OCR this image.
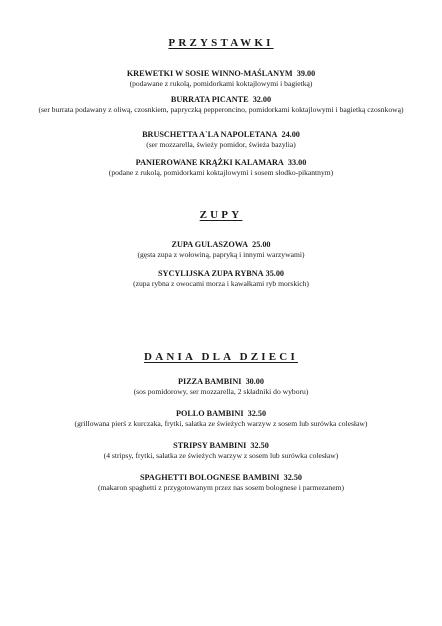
PRZYSTAWKI
KREWETKI W SOSIE WINNO-MAŚLANYM 39.00
(podawane z rukolą, pomidorkami koktajlowymi i bagietką)
BURRATA PICANTE 32.00
(ser burrata podawany z oliwą, czosnkiem, papryczką pepperoncino, pomidorkami koktajlowymi i bagietką czosnkową)
BRUSCHETTA A`LA NAPOLETANA 24.00
(ser mozzarella, świeży pomidor, świeża bazylia)
PANIEROWANE KRĄŻKI KALAMARA 33.00
(podane z rukolą, pomidorkami koktajlowymi i sosem słodko-pikantnym)
ZUPY
ZUPA GULASZOWA 25.00
(gęsta zupa z wołowiną, papryką i innymi warzywami)
SYCYLIJSKA ZUPA RYBNA 35.00
(zupa rybna z owocami morza i kawałkami ryb morskich)
DANIA DLA DZIECI
PIZZA BAMBINI 30.00
(sos pomidorowy, ser mozzarella, 2 składniki do wyboru)
POLLO BAMBINI 32.50
(grillowana pierś z kurczaka, frytki, sałatka ze świeżych warzyw z sosem lub surówka colesław)
STRIPSY BAMBINI 32.50
(4 stripsy, frytki, sałatka ze świeżych warzyw z sosem lub surówka colesław)
SPAGHETTI BOLOGNESE BAMBINI 32.50
(makaron spaghetti z przygotowanym przez nas sosem bolognese i parmezanem)
